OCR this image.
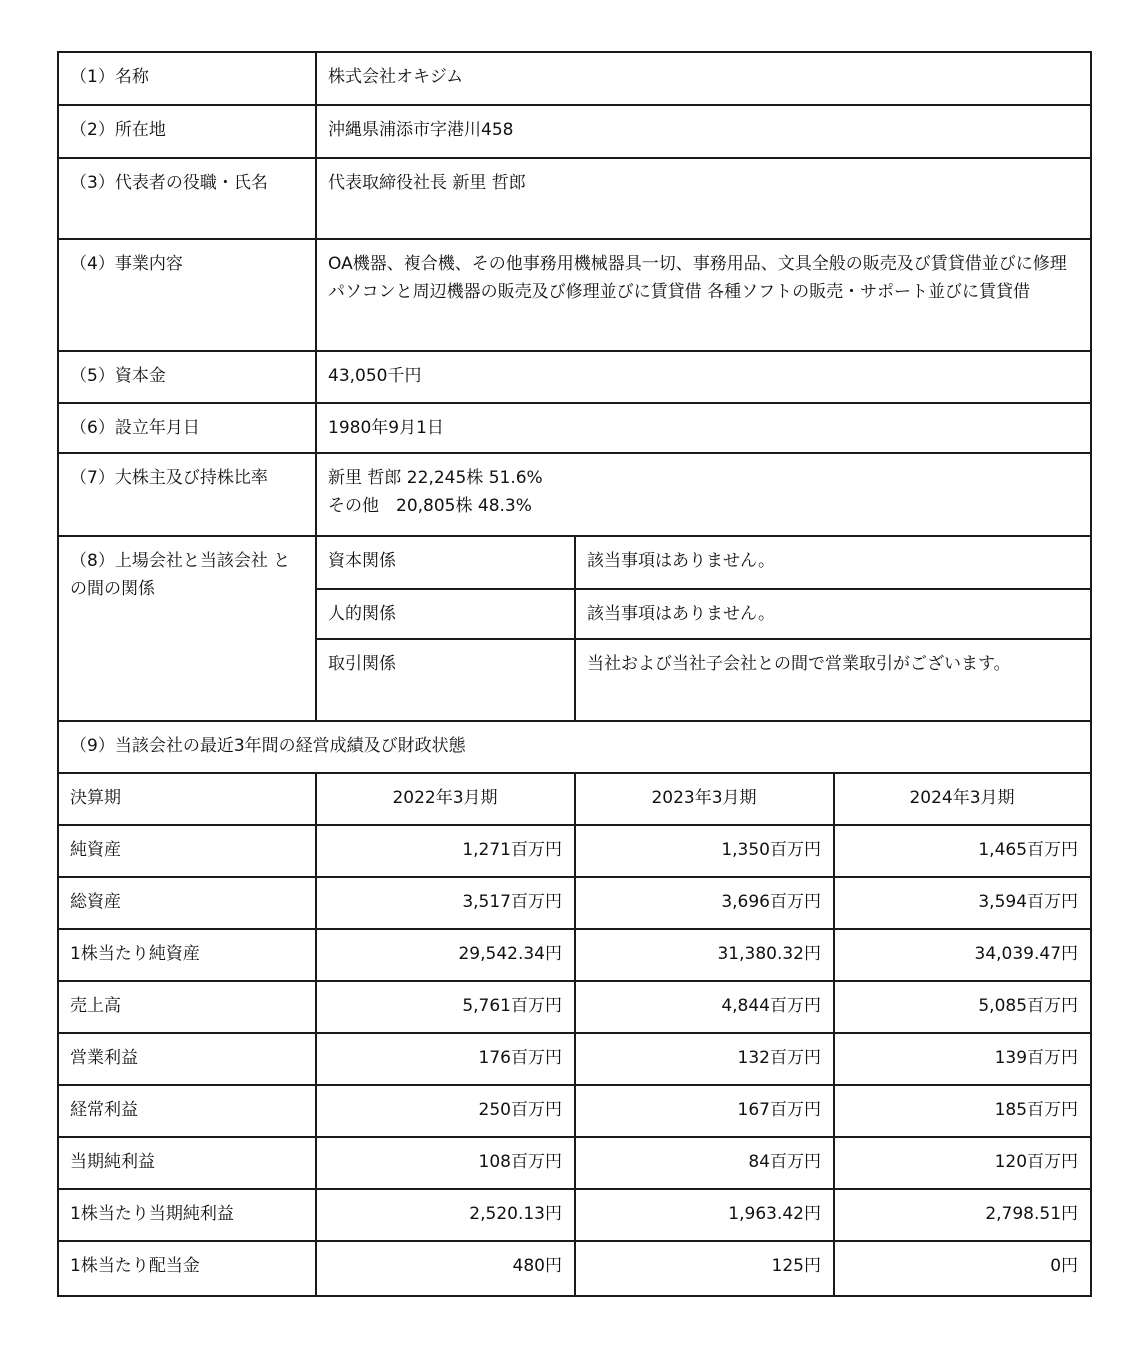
（1）名称	株式会社オキジム		
（2）所在地	沖縄県浦添市字港川458		
（3）代表者の役職・氏名	代表取締役社長 新里 哲郎		
（4）事業内容	OA機器、複合機、その他事務用機械器具一切、事務用品、文具全般の販売及び賃貸借並びに修理 パソコンと周辺機器の販売及び修理並びに賃貸借 各種ソフトの販売・サポート並びに賃貸借		
（5）資本金	43,050千円		
（6）設立年月日	1980年9月1日		
（7）大株主及び持株比率	新里 哲郎 22,245株 51.6%
その他　20,805株 48.3%		

（8）上場会社と当該会社 との間の関係	資本関係	該当事項はありません。	
	人的関係	該当事項はありません。	
	取引関係	当社および当社子会社との間で営業取引がございます。	
（9）当該会社の最近3年間の経営成績及び財政状態			
決算期	2022年3月期	2023年3月期	2024年3月期
純資産	1,271百万円	1,350百万円	1,465百万円
総資産	3,517百万円	3,696百万円	3,594百万円
1株当たり純資産	29,542.34円	31,380.32円	34,039.47円
売上高	5,761百万円	4,844百万円	5,085百万円
営業利益	176百万円	132百万円	139百万円
経常利益	250百万円	167百万円	185百万円
当期純利益	108百万円	84百万円	120百万円
1株当たり当期純利益	2,520.13円	1,963.42円	2,798.51円
1株当たり配当金	480円	125円	0円
